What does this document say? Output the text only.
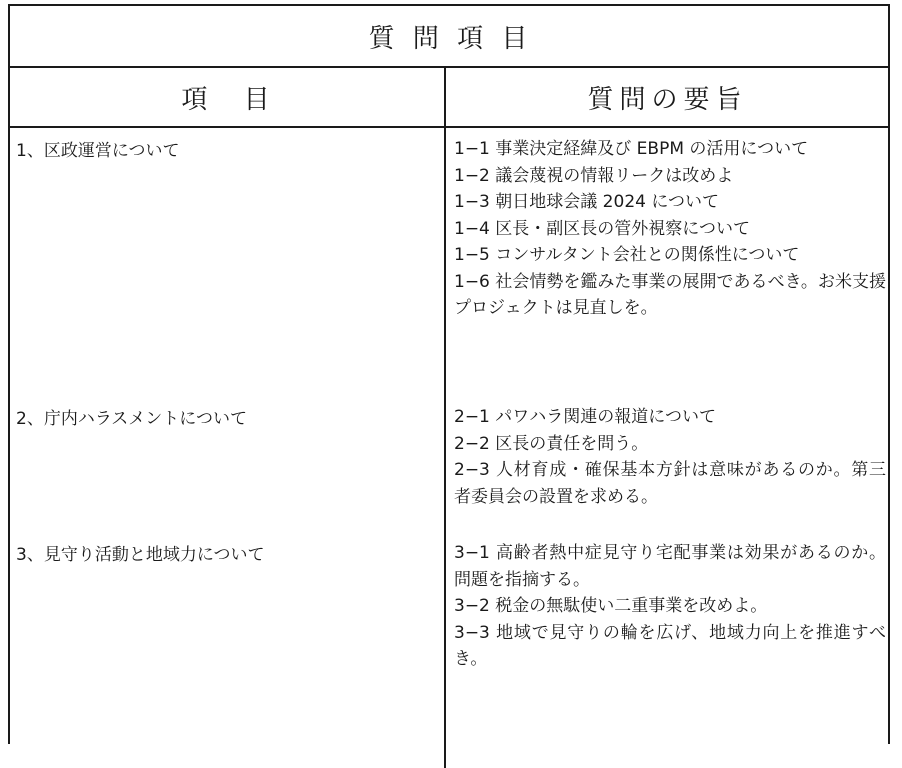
質 問 項 目
項 目	質問の要旨
1、区政運営について	1−1 事業決定経緯及び EBPM の活用について
1−2 議会蔑視の情報リークは改めよ
1−3 朝日地球会議 2024 について
1−4 区長・副区長の管外視察について
1−5 コンサルタント会社との関係性について
1−6 社会情勢を鑑みた事業の展開であるべき。お米支援プロジェクトは見直しを。
2、庁内ハラスメントについて	2−1 パワハラ関連の報道について
2−2 区長の責任を問う。
2−3 人材育成・確保基本方針は意味があるのか。第三者委員会の設置を求める。
3、見守り活動と地域力について	3−1 高齢者熱中症見守り宅配事業は効果があるのか。問題を指摘する。
3−2 税金の無駄使い二重事業を改めよ。
3−3 地域で見守りの輪を広げ、地域力向上を推進すべき。
